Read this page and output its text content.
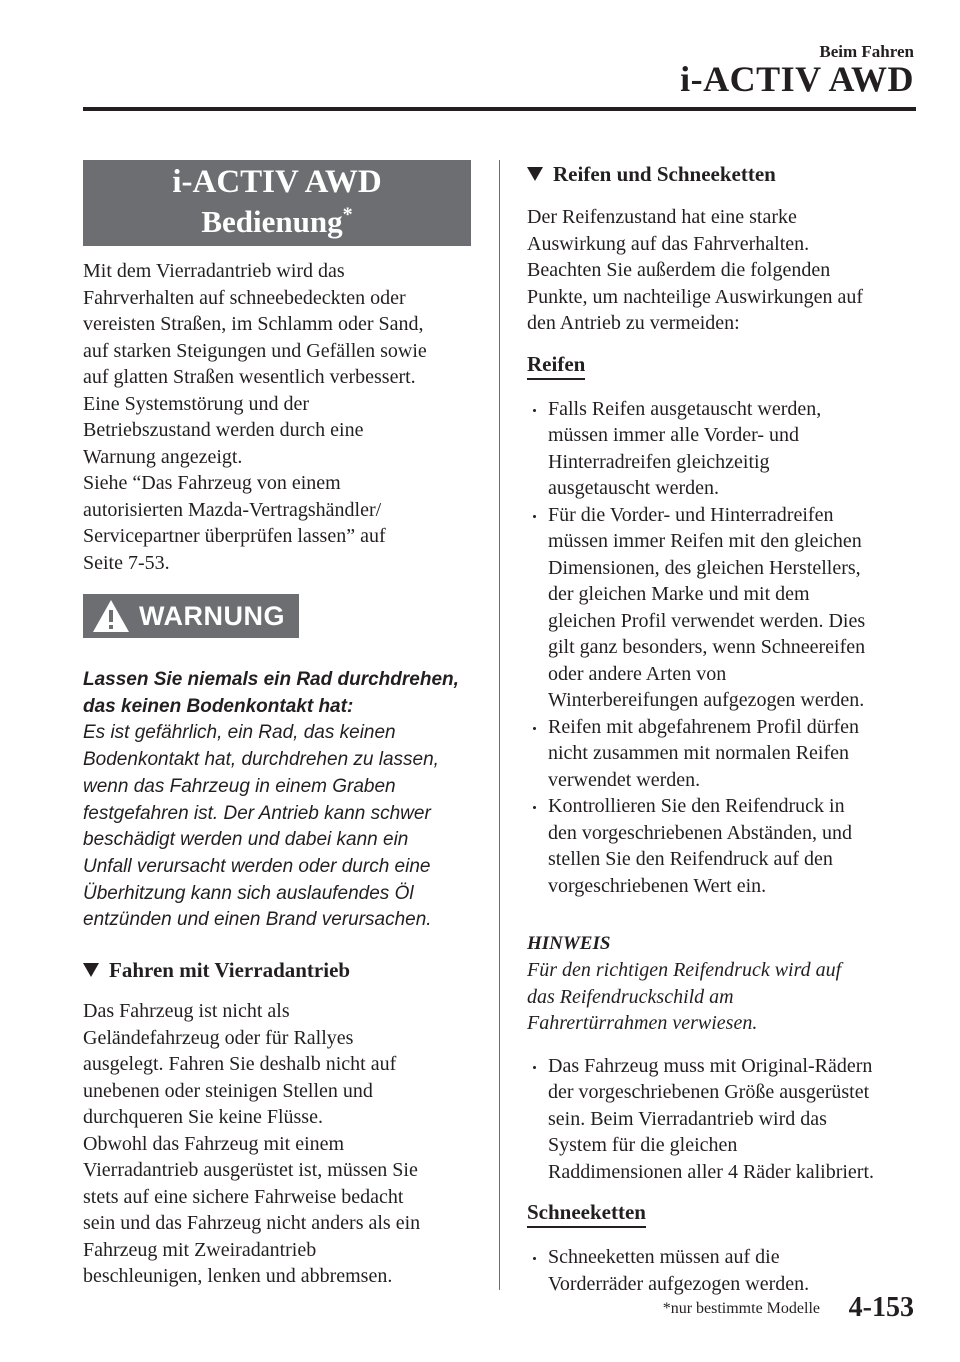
Beim Fahren
i-ACTIV AWD
i-ACTIV AWD
Bedienung*
Mit dem Vierradantrieb wird das
Fahrverhalten auf schneebedeckten oder
vereisten Straßen, im Schlamm oder Sand,
auf starken Steigungen und Gefällen sowie
auf glatten Straßen wesentlich verbessert.
Eine Systemstörung und der
Betriebszustand werden durch eine
Warnung angezeigt.
Siehe “Das Fahrzeug von einem
autorisierten Mazda-Vertragshändler/
Servicepartner überprüfen lassen” auf
Seite 7-53.
WARNUNG
Lassen Sie niemals ein Rad durchdrehen,
das keinen Bodenkontakt hat:
Es ist gefährlich, ein Rad, das keinen
Bodenkontakt hat, durchdrehen zu lassen,
wenn das Fahrzeug in einem Graben
festgefahren ist. Der Antrieb kann schwer
beschädigt werden und dabei kann ein
Unfall verursacht werden oder durch eine
Überhitzung kann sich auslaufendes Öl
entzünden und einen Brand verursachen.
Fahren mit Vierradantrieb
Das Fahrzeug ist nicht als
Geländefahrzeug oder für Rallyes
ausgelegt. Fahren Sie deshalb nicht auf
unebenen oder steinigen Stellen und
durchqueren Sie keine Flüsse.
Obwohl das Fahrzeug mit einem
Vierradantrieb ausgerüstet ist, müssen Sie
stets auf eine sichere Fahrweise bedacht
sein und das Fahrzeug nicht anders als ein
Fahrzeug mit Zweiradantrieb
beschleunigen, lenken und abbremsen.
Reifen und Schneeketten
Der Reifenzustand hat eine starke
Auswirkung auf das Fahrverhalten.
Beachten Sie außerdem die folgenden
Punkte, um nachteilige Auswirkungen auf
den Antrieb zu vermeiden:
Reifen
Falls Reifen ausgetauscht werden,
müssen immer alle Vorder- und
Hinterradreifen gleichzeitig
ausgetauscht werden.
Für die Vorder- und Hinterradreifen
müssen immer Reifen mit den gleichen
Dimensionen, des gleichen Herstellers,
der gleichen Marke und mit dem
gleichen Profil verwendet werden. Dies
gilt ganz besonders, wenn Schneereifen
oder andere Arten von
Winterbereifungen aufgezogen werden.
Reifen mit abgefahrenem Profil dürfen
nicht zusammen mit normalen Reifen
verwendet werden.
Kontrollieren Sie den Reifendruck in
den vorgeschriebenen Abständen, und
stellen Sie den Reifendruck auf den
vorgeschriebenen Wert ein.
HINWEIS
Für den richtigen Reifendruck wird auf
das Reifendruckschild am
Fahrertürrahmen verwiesen.
Das Fahrzeug muss mit Original-Rädern
der vorgeschriebenen Größe ausgerüstet
sein. Beim Vierradantrieb wird das
System für die gleichen
Raddimensionen aller 4 Räder kalibriert.
Schneeketten
Schneeketten müssen auf die
Vorderräder aufgezogen werden.
*nur bestimmte Modelle 4-153
